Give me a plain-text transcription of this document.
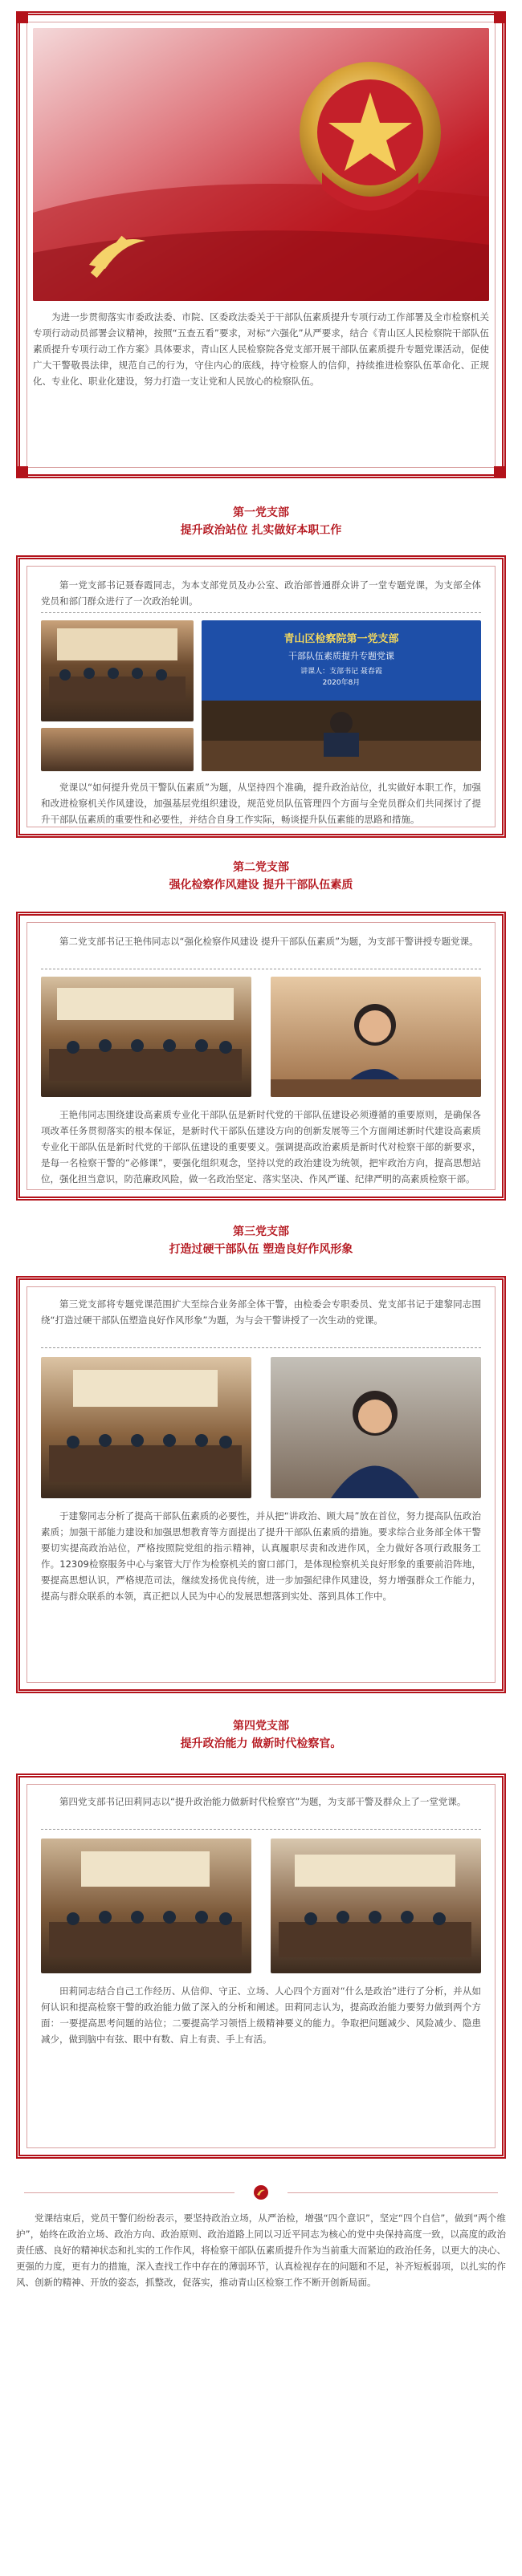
为进一步贯彻落实市委政法委、市院、区委政法委关于干部队伍素质提升专项行动工作部署及全市检察机关专项行动动员部署会议精神，按照“五查五看”要求，对标“六强化”从严要求，结合《青山区人民检察院干部队伍素质提升专项行动工作方案》具体要求，青山区人民检察院各党支部开展干部队伍素质提升专题党课活动，促使广大干警敬畏法律，规范自己的行为，守住内心的底线，持守检察人的信仰，持续推进检察队伍革命化、正规化、专业化、职业化建设，努力打造一支让党和人民放心的检察队伍。

第一党支部
提升政治站位 扎实做好本职工作

第一党支部书记聂春霞同志，为本支部党员及办公室、政治部普通群众讲了一堂专题党课，为支部全体党员和部门群众进行了一次政治轮训。

青山区检察院第一党支部
干部队伍素质提升专题党课
讲课人：支部书记 聂春霞
2020年8月

党课以“如何提升党员干警队伍素质”为题，从坚持四个准确，提升政治站位，扎实做好本职工作，加强和改进检察机关作风建设，加强基层党组织建设，规范党员队伍管理四个方面与全党员群众们共同探讨了提升干部队伍素质的重要性和必要性，并结合自身工作实际，畅谈提升队伍素能的思路和措施。

第二党支部
强化检察作风建设 提升干部队伍素质

第二党支部书记王艳伟同志以“强化检察作风建设 提升干部队伍素质”为题，为支部干警讲授专题党课。

王艳伟同志围绕建设高素质专业化干部队伍是新时代党的干部队伍建设必须遵循的重要原则，是确保各项改革任务贯彻落实的根本保证，是新时代干部队伍建设方向的创新发展等三个方面阐述新时代建设高素质专业化干部队伍是新时代党的干部队伍建设的重要要义。强调提高政治素质是新时代对检察干部的新要求，是每一名检察干警的“必修课”，要强化组织观念，坚持以党的政治建设为统领，把牢政治方向，提高思想站位，强化担当意识，防范廉政风险，做一名政治坚定、落实坚决、作风严谨、纪律严明的高素质检察干部。

第三党支部
打造过硬干部队伍 塑造良好作风形象

第三党支部将专题党课范围扩大至综合业务部全体干警，由检委会专职委员、党支部书记于建黎同志围绕“打造过硬干部队伍塑造良好作风形象”为题，为与会干警讲授了一次生动的党课。

于建黎同志分析了提高干部队伍素质的必要性，并从把“讲政治、顾大局”放在首位，努力提高队伍政治素质；加强干部能力建设和加强思想教育等方面提出了提升干部队伍素质的措施。要求综合业务部全体干警要切实提高政治站位，严格按照院党组的指示精神，认真履职尽责和改进作风，全力做好各项行政服务工作。12309检察服务中心与案管大厅作为检察机关的窗口部门，是体现检察机关良好形象的重要前沿阵地，要提高思想认识，严格规范司法，继续发扬优良传统，进一步加强纪律作风建设，努力增强群众工作能力，提高与群众联系的本领，真正把以人民为中心的发展思想落到实处、落到具体工作中。

第四党支部
提升政治能力 做新时代检察官。

第四党支部书记田莉同志以“提升政治能力做新时代检察官”为题，为支部干警及群众上了一堂党课。

田莉同志结合自己工作经历、从信仰、守正、立场、人心四个方面对“什么是政治”进行了分析，并从如何认识和提高检察干警的政治能力做了深入的分析和阐述。田莉同志认为，提高政治能力要努力做到两个方面：一要提高思考问题的站位；二要提高学习领悟上级精神要义的能力。争取把问题减少、风险减少、隐患减少，做到脑中有弦、眼中有数、肩上有责、手上有活。

党课结束后，党员干警们纷纷表示，要坚持政治立场，从严治检，增强“四个意识”，坚定“四个自信”，做到“两个维护”，始终在政治立场、政治方向、政治原则、政治道路上同以习近平同志为核心的党中央保持高度一致，以高度的政治责任感、良好的精神状态和扎实的工作作风，将检察干部队伍素质提升作为当前重大而紧迫的政治任务，以更大的决心、更强的力度，更有力的措施，深入查找工作中存在的薄弱环节，认真检视存在的问题和不足，补齐短板弱项，以扎实的作风、创新的精神、开放的姿态，抓整改，促落实，推动青山区检察工作不断开创新局面。
